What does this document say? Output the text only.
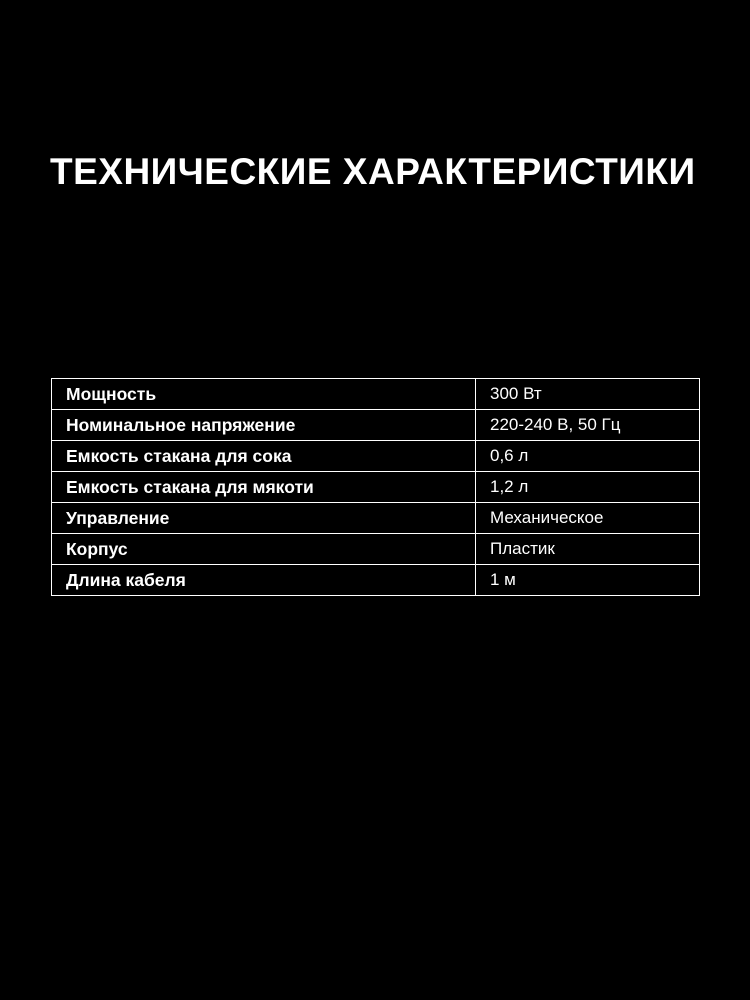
ТЕХНИЧЕСКИЕ ХАРАКТЕРИСТИКИ
Мощность	300 Вт
Номинальное напряжение	220-240 В, 50 Гц
Емкость стакана для сока	0,6 л
Емкость стакана для мякоти	1,2 л
Управление	Механическое
Корпус	Пластик
Длина кабеля	1 м
